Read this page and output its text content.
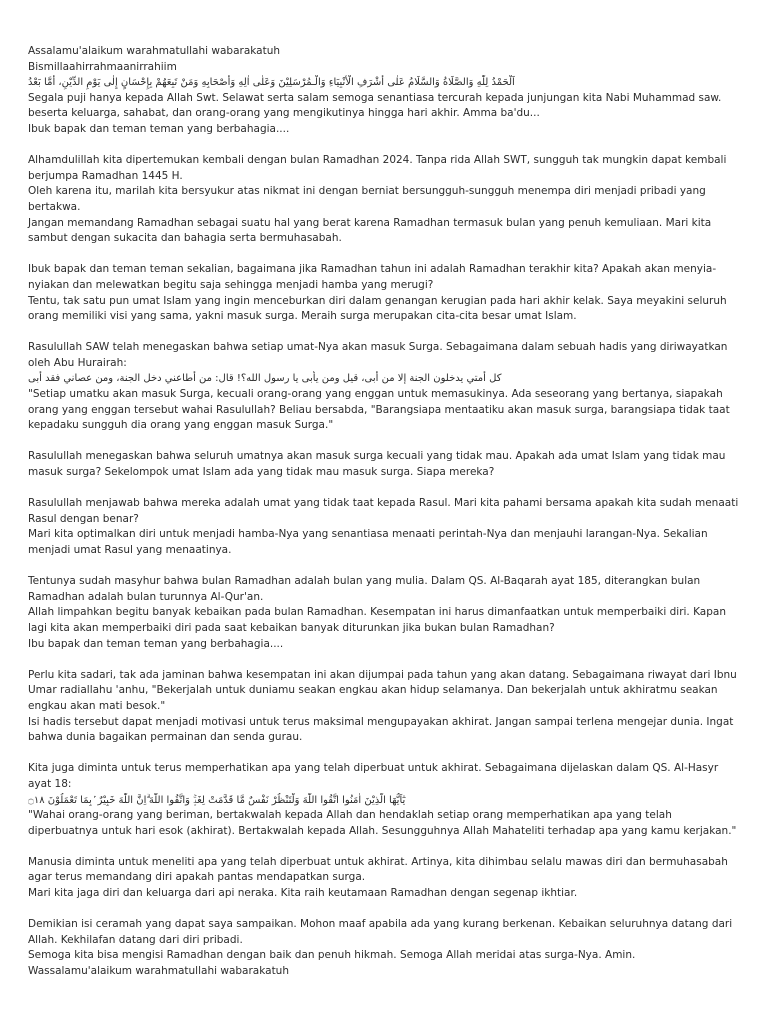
Assalamu'alaikum warahmatullahi wabarakatuh
Bismillaahirrahmaanirrahiim
اَلْحَمْدُ لِلّٰهِ وَالصَّلَاةُ وَالسَّلَامُ عَلٰى أَشْرَفِ الْأَنْبِيَاءِ وَالْـمُرْسَلِيْنَ وَعَلٰى اٰلِهِ وَأَصْحَابِهِ وَمَنْ تَبِعَهُمْ بِإِحْسَانٍ إِلٰى يَوْمِ الدِّيْنِ، أَمَّا بَعْدُ
Segala puji hanya kepada Allah Swt. Selawat serta salam semoga senantiasa tercurah kepada junjungan kita Nabi Muhammad saw. beserta keluarga, sahabat, dan orang-orang yang mengikutinya hingga hari akhir. Amma ba'du...
Ibuk bapak dan teman teman yang berbahagia....
Alhamdulillah kita dipertemukan kembali dengan bulan Ramadhan 2024. Tanpa rida Allah SWT, sungguh tak mungkin dapat kembali berjumpa Ramadhan 1445 H.
Oleh karena itu, marilah kita bersyukur atas nikmat ini dengan berniat bersungguh-sungguh menempa diri menjadi pribadi yang bertakwa.
Jangan memandang Ramadhan sebagai suatu hal yang berat karena Ramadhan termasuk bulan yang penuh kemuliaan. Mari kita sambut dengan sukacita dan bahagia serta bermuhasabah.
Ibuk bapak dan teman teman sekalian, bagaimana jika Ramadhan tahun ini adalah Ramadhan terakhir kita? Apakah akan menyia-nyiakan dan melewatkan begitu saja sehingga menjadi hamba yang merugi?
Tentu, tak satu pun umat Islam yang ingin menceburkan diri dalam genangan kerugian pada hari akhir kelak. Saya meyakini seluruh orang memiliki visi yang sama, yakni masuk surga. Meraih surga merupakan cita-cita besar umat Islam.
Rasulullah SAW telah menegaskan bahwa setiap umat-Nya akan masuk Surga. Sebagaimana dalam sebuah hadis yang diriwayatkan oleh Abu Hurairah:
كل أمتي يدخلون الجنة إلا من أبى، قيل ومن يأبى يا رسول الله؟! قال: من أطاعني دخل الجنة، ومن عصاني فقد أبى
"Setiap umatku akan masuk Surga, kecuali orang-orang yang enggan untuk memasukinya. Ada seseorang yang bertanya, siapakah orang yang enggan tersebut wahai Rasulullah? Beliau bersabda, "Barangsiapa mentaatiku akan masuk surga, barangsiapa tidak taat kepadaku sungguh dia orang yang enggan masuk Surga."
Rasulullah menegaskan bahwa seluruh umatnya akan masuk surga kecuali yang tidak mau. Apakah ada umat Islam yang tidak mau masuk surga? Sekelompok umat Islam ada yang tidak mau masuk surga. Siapa mereka?
Rasulullah menjawab bahwa mereka adalah umat yang tidak taat kepada Rasul. Mari kita pahami bersama apakah kita sudah menaati Rasul dengan benar?
Mari kita optimalkan diri untuk menjadi hamba-Nya yang senantiasa menaati perintah-Nya dan menjauhi larangan-Nya. Sekalian menjadi umat Rasul yang menaatinya.
Tentunya sudah masyhur bahwa bulan Ramadhan adalah bulan yang mulia. Dalam QS. Al-Baqarah ayat 185, diterangkan bulan Ramadhan adalah bulan turunnya Al-Qur'an.
Allah limpahkan begitu banyak kebaikan pada bulan Ramadhan. Kesempatan ini harus dimanfaatkan untuk memperbaiki diri. Kapan lagi kita akan memperbaiki diri pada saat kebaikan banyak diturunkan jika bukan bulan Ramadhan?
Ibu bapak dan teman teman yang berbahagia....
Perlu kita sadari, tak ada jaminan bahwa kesempatan ini akan dijumpai pada tahun yang akan datang. Sebagaimana riwayat dari Ibnu Umar radiallahu 'anhu, "Bekerjalah untuk duniamu seakan engkau akan hidup selamanya. Dan bekerjalah untuk akhiratmu seakan engkau akan mati besok."
Isi hadis tersebut dapat menjadi motivasi untuk terus maksimal mengupayakan akhirat. Jangan sampai terlena mengejar dunia. Ingat bahwa dunia bagaikan permainan dan senda gurau.
Kita juga diminta untuk terus memperhatikan apa yang telah diperbuat untuk akhirat. Sebagaimana dijelaskan dalam QS. Al-Hasyr ayat 18:
يٰٓاَيُّهَا الَّذِيْنَ اٰمَنُوا اتَّقُوا اللّٰهَ وَلْتَنْظُرْ نَفْسٌ مَّا قَدَّمَتْ لِغَدٍۚ وَاتَّقُوا اللّٰهَ ۗاِنَّ اللّٰهَ خَبِيْرٌ ۢبِمَا تَعْمَلُوْنَ ۝١٨
"Wahai orang-orang yang beriman, bertakwalah kepada Allah dan hendaklah setiap orang memperhatikan apa yang telah diperbuatnya untuk hari esok (akhirat). Bertakwalah kepada Allah. Sesungguhnya Allah Mahateliti terhadap apa yang kamu kerjakan."
Manusia diminta untuk meneliti apa yang telah diperbuat untuk akhirat. Artinya, kita dihimbau selalu mawas diri dan bermuhasabah agar terus memandang diri apakah pantas mendapatkan surga.
Mari kita jaga diri dan keluarga dari api neraka. Kita raih keutamaan Ramadhan dengan segenap ikhtiar.
Demikian isi ceramah yang dapat saya sampaikan. Mohon maaf apabila ada yang kurang berkenan. Kebaikan seluruhnya datang dari Allah. Kekhilafan datang dari diri pribadi.
Semoga kita bisa mengisi Ramadhan dengan baik dan penuh hikmah. Semoga Allah meridai atas surga-Nya. Amin.
Wassalamu'alaikum warahmatullahi wabarakatuh
